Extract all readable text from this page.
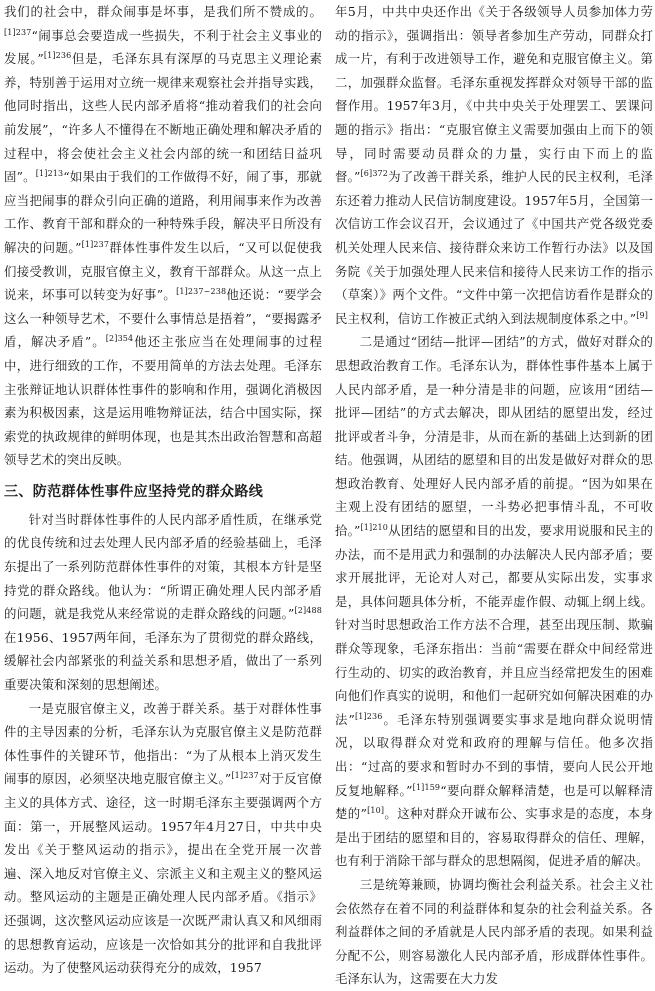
我们的社会中，群众闹事是坏事，是我们所不赞成的。$^{[1]237}$“闹事总会要造成一些损失，不利于社会主义事业的发展。”$^{[1]236}$但是，毛泽东具有深厚的马克思主义理论素养，特别善于运用对立统一规律来观察社会并指导实践，他同时指出，这些人民内部矛盾将“推动着我们的社会向前发展”，“许多人不懂得在不断地正确处理和解决矛盾的过程中，将会使社会主义社会内部的统一和团结日益巩固”。$^{[1]213}$“如果由于我们的工作做得不好，闹了事，那就应当把闹事的群众引向正确的道路，利用闹事来作为改善工作、教育干部和群众的一种特殊手段，解决平日所没有解决的问题。”$^{[1]237}$群体性事件发生以后，“又可以促使我们接受教训，克服官僚主义，教育干部群众。从这一点上说来，坏事可以转变为好事”。$^{[1]237\sim 238}$他还说：“要学会这么一种领导艺术，不要什么事情总是捂着”，“要揭露矛盾，解决矛盾”。$^{[2]354}$他还主张应当在处理闹事的过程中，进行细致的工作，不要用简单的方法去处理。毛泽东主张辩证地认识群体性事件的影响和作用，强调化消极因素为积极因素，这是运用唯物辩证法，结合中国实际，探索党的执政规律的鲜明体现，也是其杰出政治智慧和高超领导艺术的突出反映。

三、防范群体性事件应坚持党的群众路线

针对当时群体性事件的人民内部矛盾性质，在继承党的优良传统和过去处理人民内部矛盾的经验基础上，毛泽东提出了一系列防范群体性事件的对策，其根本方针是坚持党的群众路线。他认为：“所谓正确处理人民内部矛盾的问题，就是我党从来经常说的走群众路线的问题。”$^{[2]488}$在1956、1957两年间，毛泽东为了贯彻党的群众路线，缓解社会内部紧张的利益关系和思想矛盾，做出了一系列重要决策和深刻的思想阐述。

一是克服官僚主义，改善于群关系。基于对群体性事件的主导因素的分析，毛泽东认为克服官僚主义是防范群体性事件的关键环节，他指出：“为了从根本上消灭发生闹事的原因，必须坚决地克服官僚主义。”$^{[1]237}$对于反官僚主义的具体方式、途径，这一时期毛泽东主要强调两个方面：第一，开展整风运动。1957年4月27日，中共中央发出《关于整风运动的指示》，提出在全党开展一次普遍、深入地反对官僚主义、宗派主义和主观主义的整风运动。整风运动的主题是正确处理人民内部矛盾。《指示》还强调，这次整风运动应该是一次既严肃认真又和风细雨的思想教育运动，应该是一次恰如其分的批评和自我批评运动。为了使整风运动获得充分的成效，1957

年5月，中共中央还作出《关于各级领导人员参加体力劳动的指示》，强调指出：领导者参加生产劳动，同群众打成一片，有利于改进领导工作，避免和克服官僚主义。第二，加强群众监督。毛泽东重视发挥群众对领导干部的监督作用。1957年3月，《中共中央关于处理罢工、罢课问题的指示》指出：“克服官僚主义需要加强由上而下的领导，同时需要动员群众的力量，实行由下而上的监督。”$^{[6]372}$为了改善干群关系，维护人民的民主权利，毛泽东还着力推动人民信访制度建设。1957年5月，全国第一次信访工作会议召开，会议通过了《中国共产党各级党委机关处理人民来信、接待群众来访工作暂行办法》以及国务院《关于加强处理人民来信和接待人民来访工作的指示（草案）》两个文件。“文件中第一次把信访看作是群众的民主权利，信访工作被正式纳入到法规制度体系之中。”[9]

二是通过“团结—批评—团结”的方式，做好对群众的思想政治教育工作。毛泽东认为，群体性事件基本上属于人民内部矛盾，是一种分清是非的问题，应该用“团结—批评—团结”的方式去解决，即从团结的愿望出发，经过批评或者斗争，分清是非，从而在新的基础上达到新的团结。他强调，从团结的愿望和目的出发是做好对群众的思想政治教育、处理好人民内部矛盾的前提。“因为如果在主观上没有团结的愿望，一斗势必把事情斗乱，不可收拾。”$^{[1]210}$从团结的愿望和目的出发，要求用说服和民主的办法，而不是用武力和强制的办法解决人民内部矛盾；要求开展批评，无论对人对己，都要从实际出发，实事求是，具体问题具体分析，不能弄虚作假、动辄上纲上线。针对当时思想政治工作方法不合理，甚至出现压制、欺骗群众等现象，毛泽东指出：当前“需要在群众中间经常进行生动的、切实的政治教育，并且应当经常把发生的困难向他们作真实的说明，和他们一起研究如何解决困难的办法”$^{[1]236}$。毛泽东特别强调要实事求是地向群众说明情况，以取得群众对党和政府的理解与信任。他多次指出：“过高的要求和暂时办不到的事情，要向人民公开地反复地解释。”$^{[1]159}$“要向群众解释清楚，也是可以解释清楚的”[10]。这种对群众开诚布公、实事求是的态度，本身是出于团结的愿望和目的，容易取得群众的信任、理解，也有利于消除干部与群众的思想隔阂，促进矛盾的解决。

三是统筹兼顾，协调均衡社会利益关系。社会主义社会依然存在着不同的利益群体和复杂的社会利益关系。各利益群体之间的矛盾就是人民内部矛盾的表现。如果利益分配不公，则容易激化人民内部矛盾，形成群体性事件。毛泽东认为，这需要在大力发
